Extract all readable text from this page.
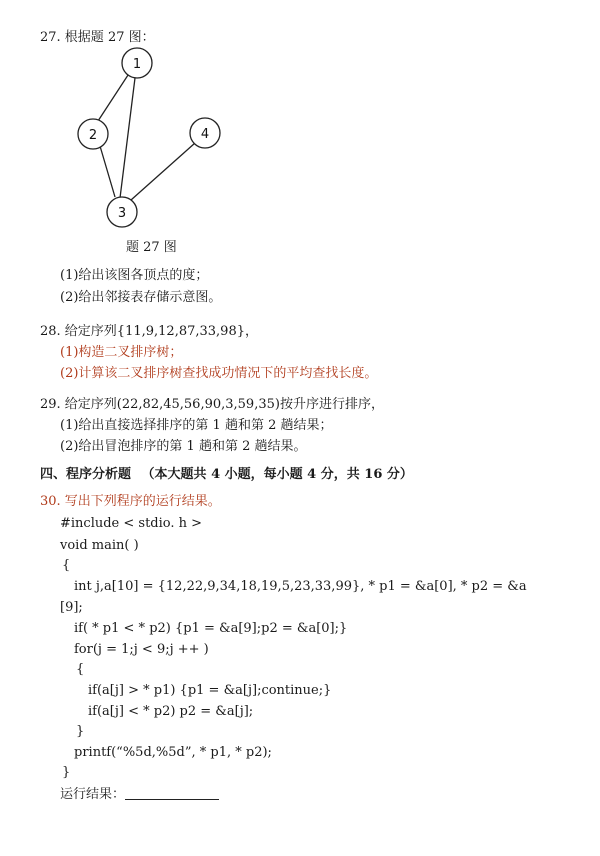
1
2
3
4
27. 根据题 27 图：
题 27 图
(1)给出该图各顶点的度；
(2)给出邻接表存储示意图。
28. 给定序列{11,9,12,87,33,98}，
(1)构造二叉排序树；
(2)计算该二叉排序树查找成功情况下的平均查找长度。
29. 给定序列(22,82,45,56,90,3,59,35)按升序进行排序，
(1)给出直接选择排序的第 1 趟和第 2 趟结果；
(2)给出冒泡排序的第 1 趟和第 2 趟结果。
四、程序分析题 （本大题共 4 小题，每小题 4 分，共 16 分）
30. 写出下列程序的运行结果。
#include < stdio. h >
void main( )
{
int j,a[10] = {12,22,9,34,18,19,5,23,33,99}, * p1 = &a[0], * p2 = &a
[9];
if( * p1 < * p2) {p1 = &a[9];p2 = &a[0];}
for(j = 1;j < 9;j ++ )
{
if(a[j] > * p1) {p1 = &a[j];continue;}
if(a[j] < * p2) p2 = &a[j];
}
printf(“%5d,%5d”, * p1, * p2);
}
运行结果：
